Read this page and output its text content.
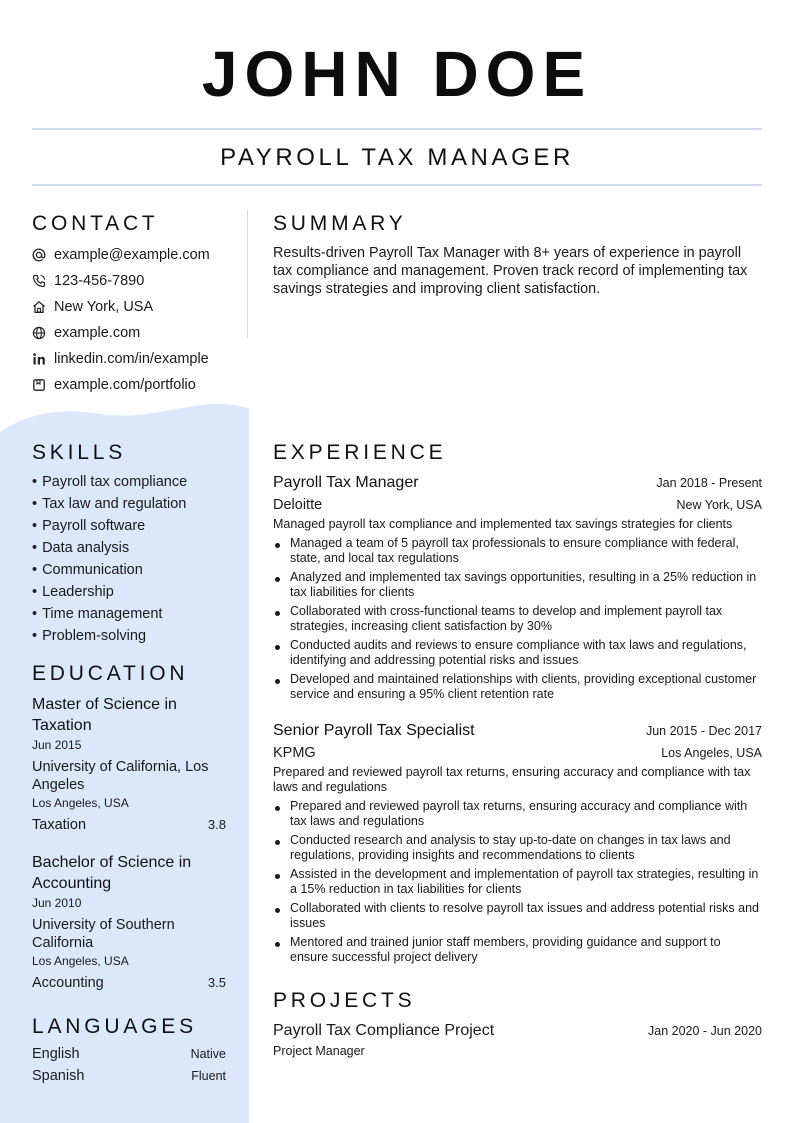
JOHN DOE
PAYROLL TAX MANAGER
CONTACT
example@example.com
123-456-7890
New York, USA
example.com
linkedin.com/in/example
example.com/portfolio
SUMMARY
Results-driven Payroll Tax Manager with 8+ years of experience in payroll tax compliance and management. Proven track record of implementing tax savings strategies and improving client satisfaction.
SKILLS
• Payroll tax compliance
• Tax law and regulation
• Payroll software
• Data analysis
• Communication
• Leadership
• Time management
• Problem-solving
EDUCATION
Master of Science in Taxation
Jun 2015
University of California, Los Angeles
Los Angeles, USA
Taxation	3.8
Bachelor of Science in Accounting
Jun 2010
University of Southern California
Los Angeles, USA
Accounting	3.5
LANGUAGES
English	Native
Spanish	Fluent
EXPERIENCE
Payroll Tax Manager	Jan 2018 - Present
Deloitte	New York, USA
Managed payroll tax compliance and implemented tax savings strategies for clients
Managed a team of 5 payroll tax professionals to ensure compliance with federal, state, and local tax regulations
Analyzed and implemented tax savings opportunities, resulting in a 25% reduction in tax liabilities for clients
Collaborated with cross-functional teams to develop and implement payroll tax strategies, increasing client satisfaction by 30%
Conducted audits and reviews to ensure compliance with tax laws and regulations, identifying and addressing potential risks and issues
Developed and maintained relationships with clients, providing exceptional customer service and ensuring a 95% client retention rate
Senior Payroll Tax Specialist	Jun 2015 - Dec 2017
KPMG	Los Angeles, USA
Prepared and reviewed payroll tax returns, ensuring accuracy and compliance with tax laws and regulations
Prepared and reviewed payroll tax returns, ensuring accuracy and compliance with tax laws and regulations
Conducted research and analysis to stay up-to-date on changes in tax laws and regulations, providing insights and recommendations to clients
Assisted in the development and implementation of payroll tax strategies, resulting in a 15% reduction in tax liabilities for clients
Collaborated with clients to resolve payroll tax issues and address potential risks and issues
Mentored and trained junior staff members, providing guidance and support to ensure successful project delivery
PROJECTS
Payroll Tax Compliance Project	Jan 2020 - Jun 2020
Project Manager
